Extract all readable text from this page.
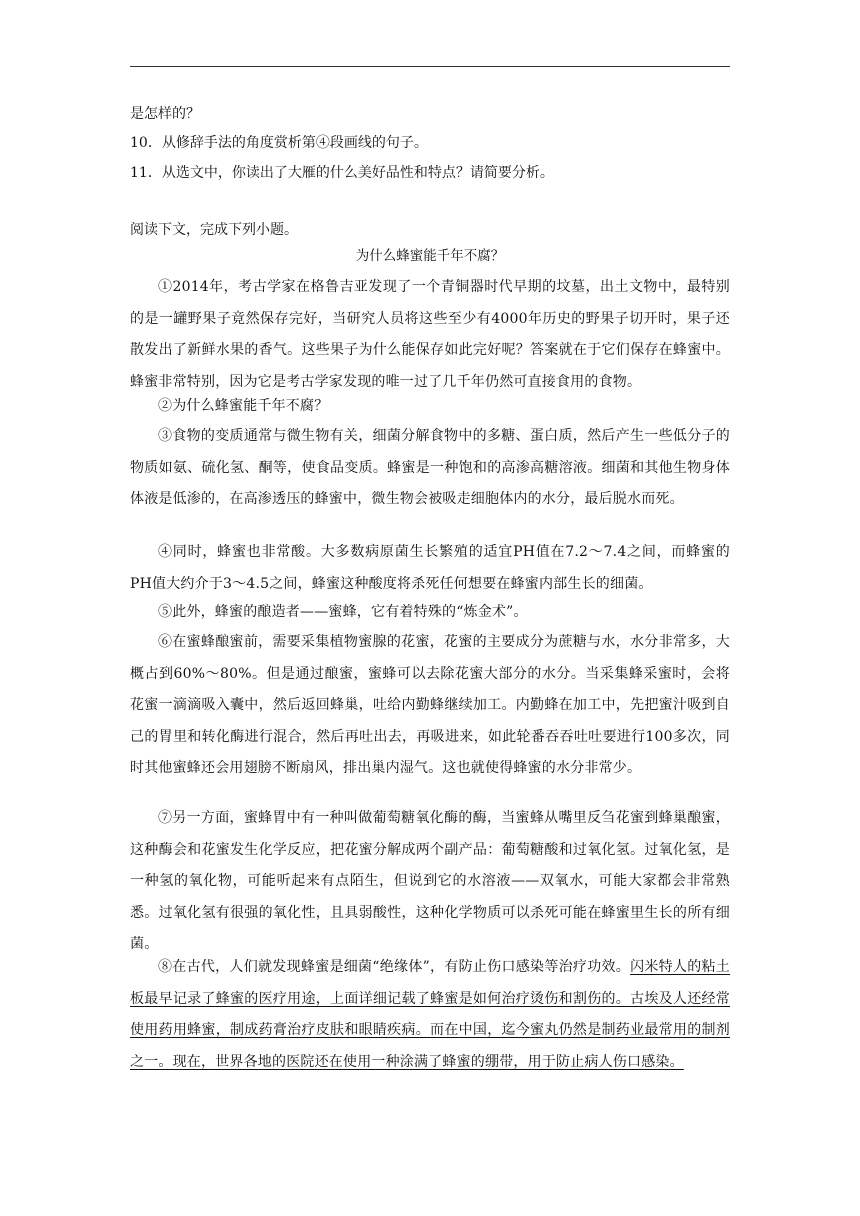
是怎样的？
10．从修辞手法的角度赏析第④段画线的句子。
11．从选文中，你读出了大雁的什么美好品性和特点？请简要分析。
阅读下文，完成下列小题。
为什么蜂蜜能千年不腐？
①2014年，考古学家在格鲁吉亚发现了一个青铜器时代早期的坟墓，出土文物中，最特别的是一罐野果子竟然保存完好，当研究人员将这些至少有4000年历史的野果子切开时，果子还散发出了新鲜水果的香气。这些果子为什么能保存如此完好呢？答案就在于它们保存在蜂蜜中。蜂蜜非常特别，因为它是考古学家发现的唯一过了几千年仍然可直接食用的食物。
②为什么蜂蜜能千年不腐？
③食物的变质通常与微生物有关，细菌分解食物中的多糖、蛋白质，然后产生一些低分子的物质如氨、硫化氢、酮等，使食品变质。蜂蜜是一种饱和的高渗高糖溶液。细菌和其他生物身体体液是低渗的，在高渗透压的蜂蜜中，微生物会被吸走细胞体内的水分，最后脱水而死。
④同时，蜂蜜也非常酸。大多数病原菌生长繁殖的适宜PH值在7.2～7.4之间，而蜂蜜的PH值大约介于3～4.5之间，蜂蜜这种酸度将杀死任何想要在蜂蜜内部生长的细菌。
⑤此外，蜂蜜的酿造者——蜜蜂，它有着特殊的“炼金术”。
⑥在蜜蜂酿蜜前，需要采集植物蜜腺的花蜜，花蜜的主要成分为蔗糖与水，水分非常多，大概占到60%～80%。但是通过酿蜜，蜜蜂可以去除花蜜大部分的水分。当采集蜂采蜜时，会将花蜜一滴滴吸入囊中，然后返回蜂巢，吐给内勤蜂继续加工。内勤蜂在加工中，先把蜜汁吸到自己的胃里和转化酶进行混合，然后再吐出去，再吸进来，如此轮番吞吞吐吐要进行100多次，同时其他蜜蜂还会用翅膀不断扇风，排出巢内湿气。这也就使得蜂蜜的水分非常少。
⑦另一方面，蜜蜂胃中有一种叫做葡萄糖氧化酶的酶，当蜜蜂从嘴里反刍花蜜到蜂巢酿蜜，这种酶会和花蜜发生化学反应，把花蜜分解成两个副产品：葡萄糖酸和过氧化氢。过氧化氢，是一种氢的氧化物，可能听起来有点陌生，但说到它的水溶液——双氧水，可能大家都会非常熟悉。过氧化氢有很强的氧化性，且具弱酸性，这种化学物质可以杀死可能在蜂蜜里生长的所有细菌。
⑧在古代，人们就发现蜂蜜是细菌“绝缘体”，有防止伤口感染等治疗功效。闪米特人的粘土板最早记录了蜂蜜的医疗用途，上面详细记载了蜂蜜是如何治疗烫伤和割伤的。古埃及人还经常使用药用蜂蜜，制成药膏治疗皮肤和眼睛疾病。而在中国，迄今蜜丸仍然是制药业最常用的制剂之一。现在，世界各地的医院还在使用一种涂满了蜂蜜的绷带，用于防止病人伤口感染。
